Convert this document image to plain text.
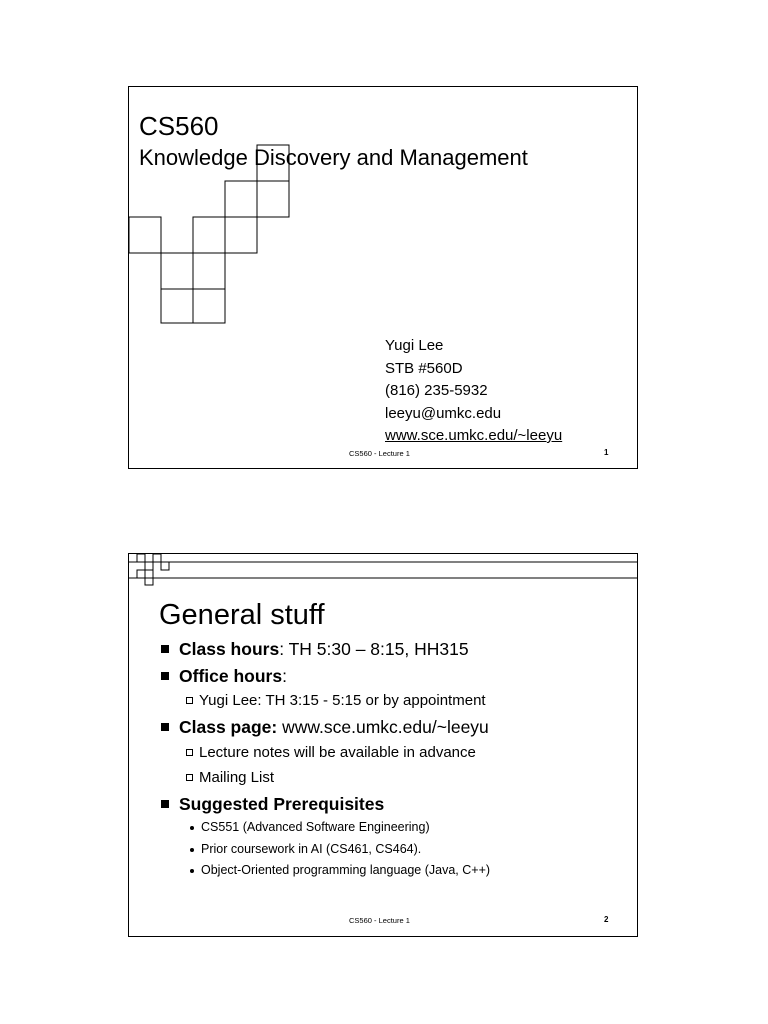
CS560
Knowledge Discovery and Management
Yugi Lee
STB #560D
(816) 235-5932
leeyu@umkc.edu
www.sce.umkc.edu/~leeyu
CS560 - Lecture 1	1
General stuff
Class hours: TH 5:30 – 8:15, HH315
Office hours:
Yugi Lee: TH 3:15 - 5:15 or by appointment
Class page: www.sce.umkc.edu/~leeyu
Lecture notes will be available in advance
Mailing List
Suggested Prerequisites
CS551 (Advanced Software Engineering)
Prior coursework in AI (CS461, CS464).
Object-Oriented programming language (Java, C++)
CS560 - Lecture 1	2
